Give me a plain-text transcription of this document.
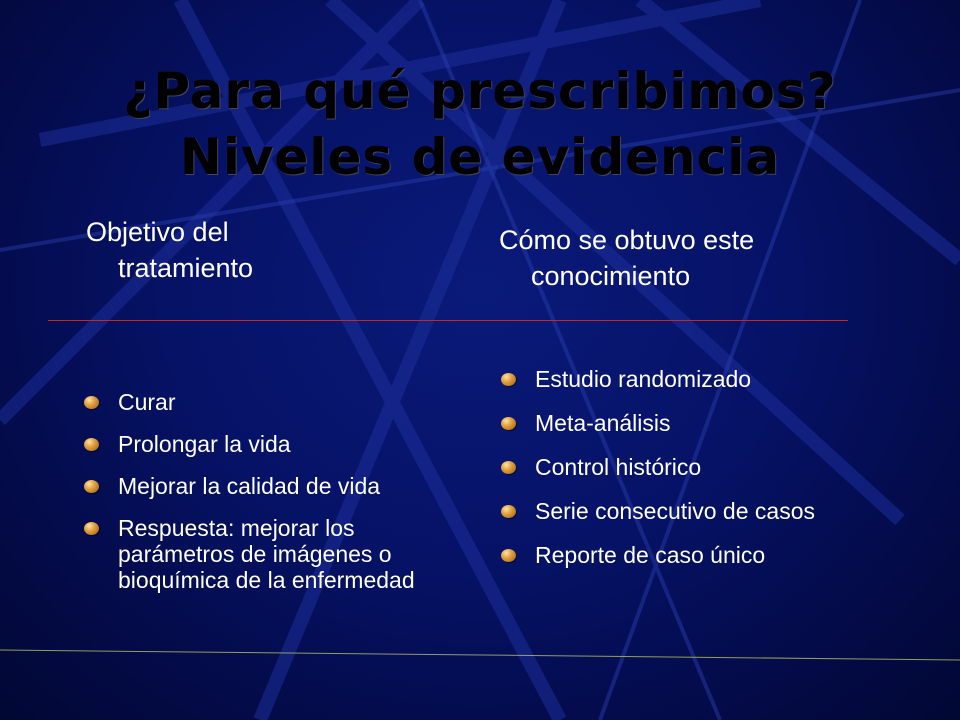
¿Para qué prescribimos?
Niveles de evidencia
Objetivo del
tratamiento
Cómo se obtuvo este
conocimiento
Curar
Prolongar la vida
Mejorar la calidad de vida
Respuesta: mejorar los parámetros de imágenes o bioquímica de la enfermedad
Estudio randomizado
Meta-análisis
Control histórico
Serie consecutivo de casos
Reporte de caso único
